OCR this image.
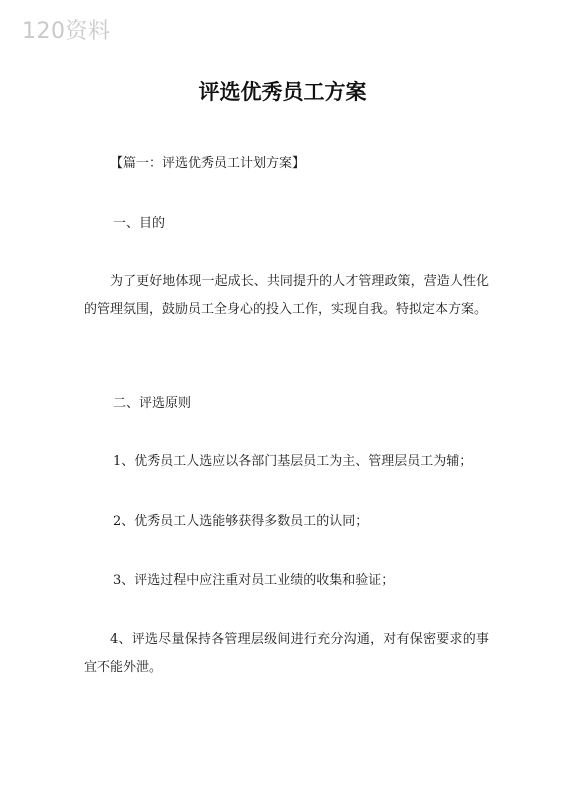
120资料
评选优秀员工方案
【篇一：评选优秀员工计划方案】
一、目的
为了更好地体现一起成长、共同提升的人才管理政策，营造人性化的管理氛围，鼓励员工全身心的投入工作，实现自我。特拟定本方案。
二、评选原则
1、优秀员工人选应以各部门基层员工为主、管理层员工为辅；
2、优秀员工人选能够获得多数员工的认同；
3、评选过程中应注重对员工业绩的收集和验证；
4、评选尽量保持各管理层级间进行充分沟通，对有保密要求的事宜不能外泄。
